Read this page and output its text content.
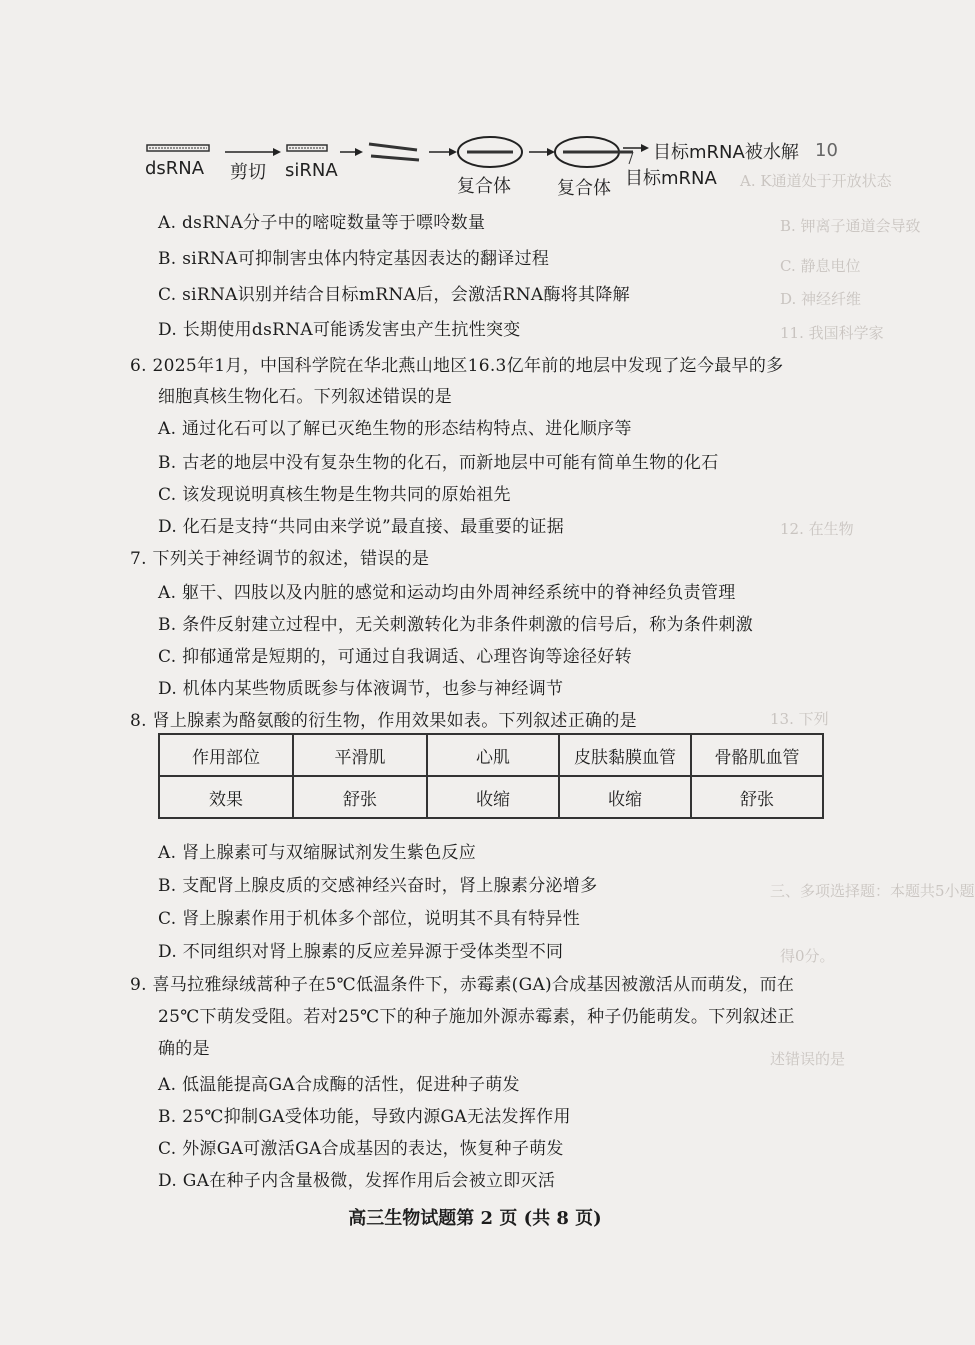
A. K通道处于开放状态
B. 钾离子通道会导致
C. 静息电位
D. 神经纤维
11. 我国科学家
12. 在生物
13. 下列
三、多项选择题：本题共5小题
得0分。
述错误的是
dsRNA 剪切 siRNA
复合体	复合体 目标mRNA
目标mRNA被水解 10
A. dsRNA分子中的嘧啶数量等于嘌呤数量
B. siRNA可抑制害虫体内特定基因表达的翻译过程
C. siRNA识别并结合目标mRNA后，会激活RNA酶将其降解
D. 长期使用dsRNA可能诱发害虫产生抗性突变
6. 2025年1月，中国科学院在华北燕山地区16.3亿年前的地层中发现了迄今最早的多
细胞真核生物化石。下列叙述错误的是
A. 通过化石可以了解已灭绝生物的形态结构特点、进化顺序等
B. 古老的地层中没有复杂生物的化石，而新地层中可能有简单生物的化石
C. 该发现说明真核生物是生物共同的原始祖先
D. 化石是支持“共同由来学说”最直接、最重要的证据
7. 下列关于神经调节的叙述，错误的是
A. 躯干、四肢以及内脏的感觉和运动均由外周神经系统中的脊神经负责管理
B. 条件反射建立过程中，无关刺激转化为非条件刺激的信号后，称为条件刺激
C. 抑郁通常是短期的，可通过自我调适、心理咨询等途径好转
D. 机体内某些物质既参与体液调节，也参与神经调节
8. 肾上腺素为酪氨酸的衍生物，作用效果如表。下列叙述正确的是
作用部位	平滑肌	心肌	皮肤黏膜血管	骨骼肌血管
效果	舒张	收缩	收缩	舒张
A. 肾上腺素可与双缩脲试剂发生紫色反应
B. 支配肾上腺皮质的交感神经兴奋时，肾上腺素分泌增多
C. 肾上腺素作用于机体多个部位，说明其不具有特异性
D. 不同组织对肾上腺素的反应差异源于受体类型不同
9. 喜马拉雅绿绒蒿种子在5℃低温条件下，赤霉素(GA)合成基因被激活从而萌发，而在
25℃下萌发受阻。若对25℃下的种子施加外源赤霉素，种子仍能萌发。下列叙述正
确的是
A. 低温能提高GA合成酶的活性，促进种子萌发
B. 25℃抑制GA受体功能，导致内源GA无法发挥作用
C. 外源GA可激活GA合成基因的表达，恢复种子萌发
D. GA在种子内含量极微，发挥作用后会被立即灭活
高三生物试题第 2 页 (共 8 页)
